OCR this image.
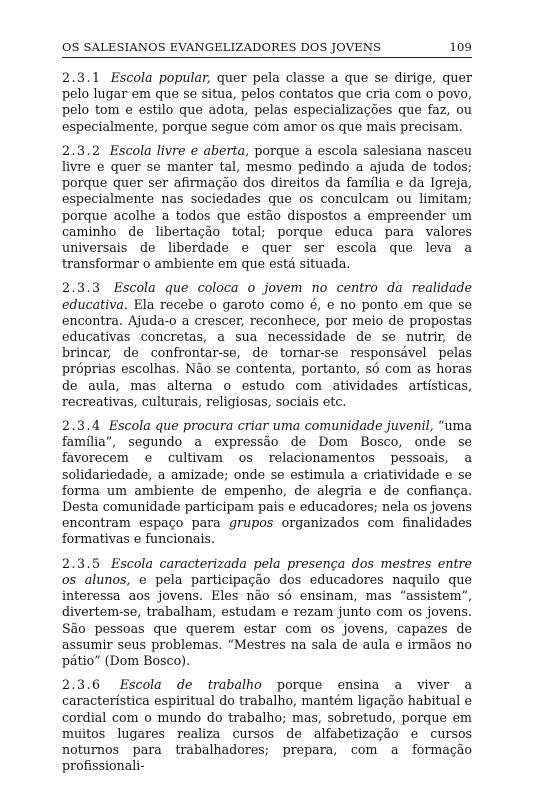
OS SALESIANOS EVANGELIZADORES DOS JOVENS	109

2.3.1 Escola popular, quer pela classe a que se dirige, quer pelo lugar em que se situa, pelos contatos que cria com o povo, pelo tom e estilo que adota, pelas especializações que faz, ou especialmente, porque segue com amor os que mais precisam.

2.3.2 Escola livre e aberta, porque a escola salesiana nasceu livre e quer se manter tal, mesmo pedindo a ajuda de todos; porque quer ser afirmação dos direitos da família e da Igreja, especialmente nas sociedades que os conculcam ou limitam; porque acolhe a todos que estão dispostos a empreender um caminho de libertação total; porque educa para valores universais de liberdade e quer ser escola que leva a transformar o ambiente em que está situada.

2.3.3 Escola que coloca o jovem no centro da realidade educativa. Ela recebe o garoto como é, e no ponto em que se encontra. Ajuda-o a crescer, reconhece, por meio de propostas educativas concretas, a sua necessidade de se nutrir, de brincar, de confrontar-se, de tornar-se responsável pelas próprias escolhas. Não se contenta, portanto, só com as horas de aula, mas alterna o estudo com atividades artísticas, recreativas, culturais, religiosas, sociais etc.

2.3.4 Escola que procura criar uma comunidade juvenil, “uma família”, segundo a expressão de Dom Bosco, onde se favorecem e cultivam os relacionamentos pessoais, a solidariedade, a amizade; onde se estimula a criatividade e se forma um ambiente de empenho, de alegria e de confiança. Desta comunidade participam pais e educadores; nela os jovens encontram espaço para grupos organizados com finalidades formativas e funcionais.

2.3.5 Escola caracterizada pela presença dos mestres entre os alunos, e pela participação dos educadores naquilo que interessa aos jovens. Eles não só ensinam, mas “assistem”, divertem-se, trabalham, estudam e rezam junto com os jovens. São pessoas que querem estar com os jovens, capazes de assumir seus problemas. “Mestres na sala de aula e irmãos no pátio” (Dom Bosco).

2.3.6 Escola de trabalho porque ensina a viver a característica espiritual do trabalho, mantém ligação habitual e cordial com o mundo do trabalho; mas, sobretudo, porque em muitos lugares realiza cursos de alfabetização e cursos noturnos para trabalhadores; prepara, com a formação profissionali-
